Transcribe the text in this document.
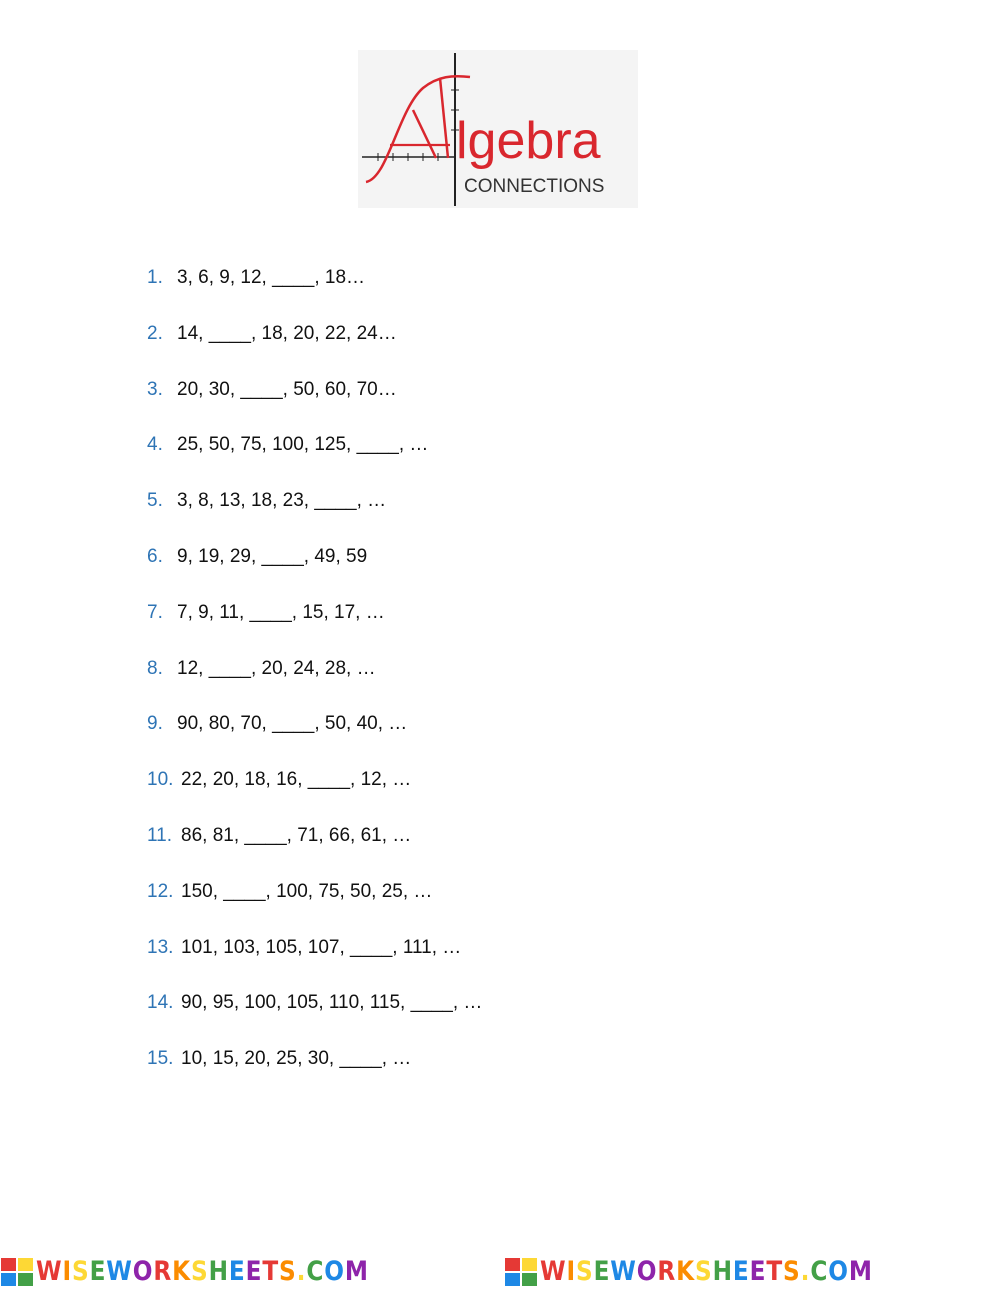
lgebra
CONNECTIONS
1. 3, 6, 9, 12, ____, 18…
2. 14, ____, 18, 20, 22, 24…
3. 20, 30, ____, 50, 60, 70…
4. 25, 50, 75, 100, 125, ____, …
5. 3, 8, 13, 18, 23, ____, …
6. 9, 19, 29, ____, 49, 59
7. 7, 9, 11, ____, 15, 17, …
8. 12, ____, 20, 24, 28, …
9. 90, 80, 70, ____, 50, 40, …
10. 22, 20, 18, 16, ____, 12, …
11. 86, 81, ____, 71, 66, 61, …
12. 150, ____, 100, 75, 50, 25, …
13. 101, 103, 105, 107, ____, 111, …
14. 90, 95, 100, 105, 110, 115, ____, …
15. 10, 15, 20, 25, 30, ____, …
WISEWORKSHEETS.COM	WISEWORKSHEETS.COM
